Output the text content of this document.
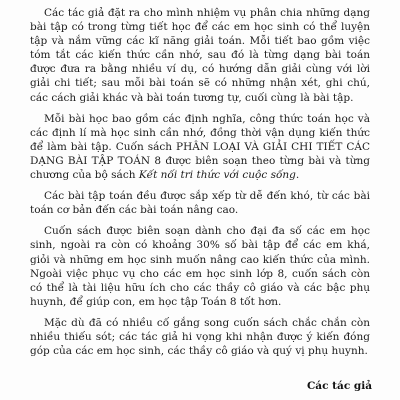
Các tác giả đặt ra cho mình nhiệm vụ phân chia những dạng bài tập có trong từng tiết học để các em học sinh có thể luyện tập và nắm vững các kĩ năng giải toán. Mỗi tiết bao gồm việc tóm tắt các kiến thức cần nhớ, sau đó là từng dạng bài toán được đưa ra bằng nhiều ví dụ, có hướng dẫn giải cùng với lời giải chi tiết; sau mỗi bài toán sẽ có những nhận xét, ghi chú, các cách giải khác và bài toán tương tự, cuối cùng là bài tập.

Mỗi bài học bao gồm các định nghĩa, công thức toán học và các định lí mà học sinh cần nhớ, đồng thời vận dụng kiến thức để làm bài tập. Cuốn sách PHÂN LOẠI VÀ GIẢI CHI TIẾT CÁC DẠNG BÀI TẬP TOÁN 8 được biên soạn theo từng bài và từng chương của bộ sách Kết nối tri thức với cuộc sống.

Các bài tập toán đều được sắp xếp từ dễ đến khó, từ các bài toán cơ bản đến các bài toán nâng cao.

Cuốn sách được biên soạn dành cho đại đa số các em học sinh, ngoài ra còn có khoảng 30% số bài tập để các em khá, giỏi và những em học sinh muốn nâng cao kiến thức của mình. Ngoài việc phục vụ cho các em học sinh lớp 8, cuốn sách còn có thể là tài liệu hữu ích cho các thầy cô giáo và các bậc phụ huynh, để giúp con, em học tập Toán 8 tốt hơn.

Mặc dù đã có nhiều cố gắng song cuốn sách chắc chắn còn nhiều thiếu sót; các tác giả hi vọng khi nhận được ý kiến đóng góp của các em học sinh, các thầy cô giáo và quý vị phụ huynh.

Các tác giả
